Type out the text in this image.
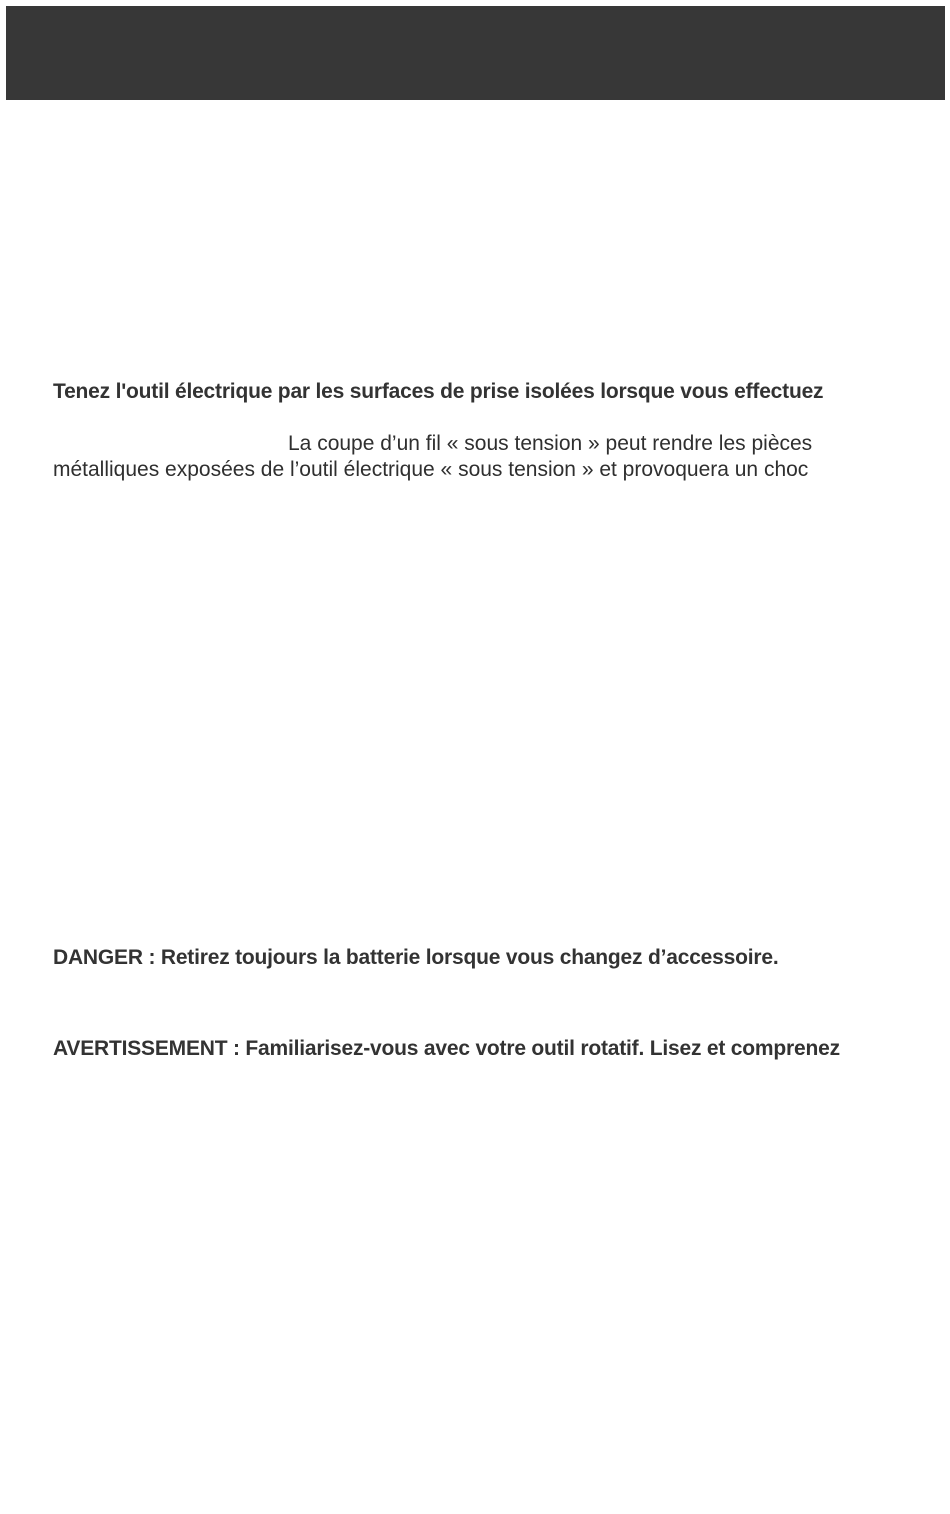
Tenez l'outil électrique par les surfaces de prise isolées lorsque vous effectuez

La coupe d’un fil « sous tension » peut rendre les pièces

métalliques exposées de l’outil électrique « sous tension » et provoquera un choc

DANGER : Retirez toujours la batterie lorsque vous changez d’accessoire.

AVERTISSEMENT : Familiarisez-vous avec votre outil rotatif. Lisez et comprenez
